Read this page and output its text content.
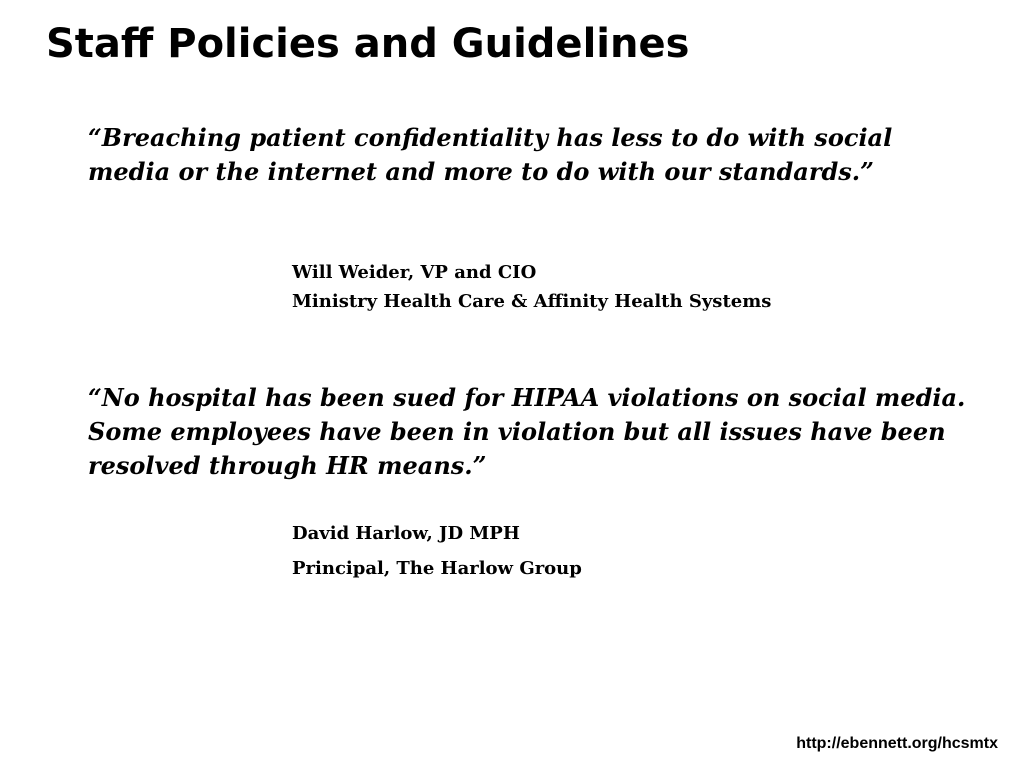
Staff Policies and Guidelines

“Breaching patient confidentiality has less to do with social media or the internet and more to do with our standards.”

Will Weider, VP and CIO
Ministry Health Care & Affinity Health Systems

“No hospital has been sued for HIPAA violations on social media. Some employees have been in violation but all issues have been resolved through HR means.”

David Harlow, JD MPH
Principal, The Harlow Group
http://ebennett.org/hcsmtx
